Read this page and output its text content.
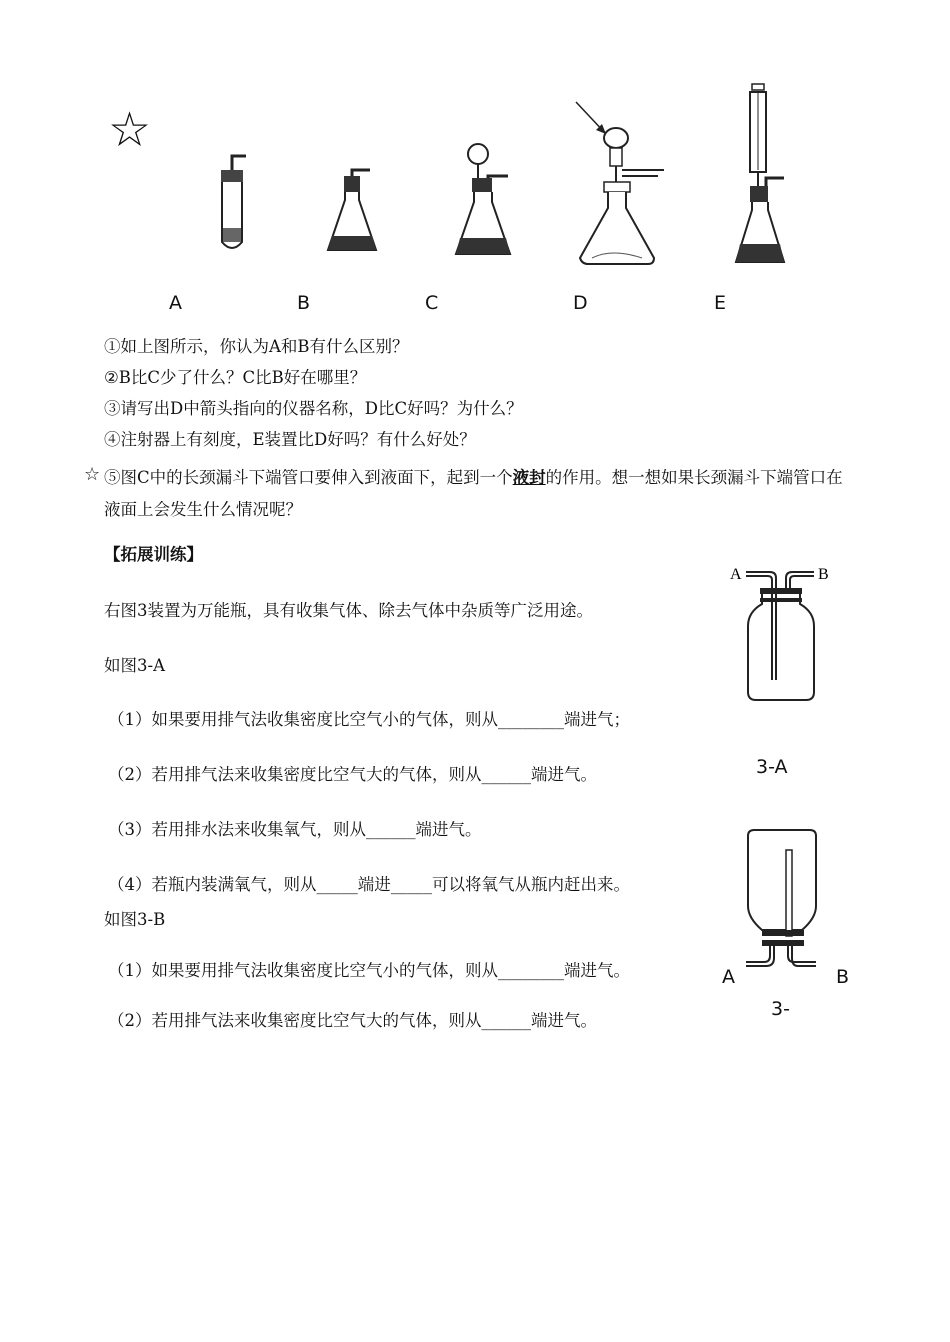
☆
A	B	C	D	E
①如上图所示，你认为A和B有什么区别？
②B比C少了什么？C比B好在哪里？
③请写出D中箭头指向的仪器名称，D比C好吗？为什么？
④注射器上有刻度，E装置比D好吗？有什么好处？
☆ ⑤图C中的长颈漏斗下端管口要伸入到液面下，起到一个液封的作用。想一想如果长颈漏斗下端管口在液面上会发生什么情况呢？
【拓展训练】
右图3装置为万能瓶，具有收集气体、除去气体中杂质等广泛用途。
如图3-A
（1）如果要用排气法收集密度比空气小的气体，则从________端进气；
（2）若用排气法来收集密度比空气大的气体，则从______端进气。
（3）若用排水法来收集氧气，则从______端进气。
（4）若瓶内装满氧气，则从_____端进_____可以将氧气从瓶内赶出来。
如图3-B
（1）如果要用排气法收集密度比空气小的气体，则从________端进气。
（2）若用排气法来收集密度比空气大的气体，则从______端进气。
A	B
3-A
A	B
3-
